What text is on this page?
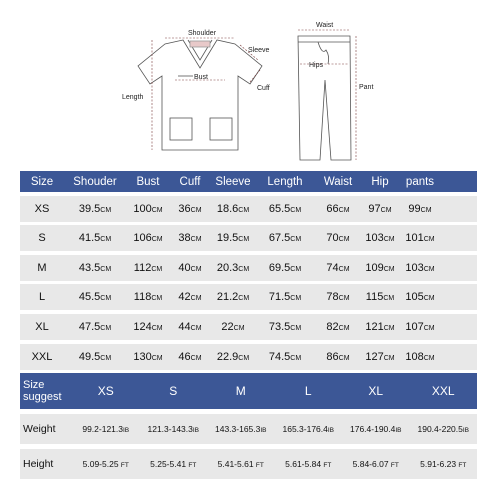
Shoulder
Sleeve
Bust
Cuff
Length
Waist
Hips
Pant
Size	Shouder	Bust	Cuff	Sleeve	Length	Waist	Hip	pants
XS	39.5CM	100CM	36CM	18.6CM	65.5CM	66CM	97CM	99CM
S	41.5CM	106CM	38CM	19.5CM	67.5CM	70CM	103CM 101CM
M	43.5CM	112CM	40CM	20.3CM	69.5CM	74CM	109CM 103CM
L	45.5CM	118CM	42CM	21.2CM	71.5CM	78CM	115CM	105CM
XL	47.5CM	124CM	44CM	22CM	73.5CM	82CM	121CM 107CM
XXL	49.5CM	130CM	46CM	22.9CM	74.5CM	86CM	127CM 108CM
Size
suggest	XS	S	M	L	XL	XXL
Weight	99.2-121.3IB	121.3-143.3IB	143.3-165.3IB	165.3-176.4IB	176.4-190.4IB	190.4-220.5IB
Height	5.09-5.25 FT	5.25-5.41 FT	5.41-5.61 FT	5.61-5.84 FT	5.84-6.07 FT	5.91-6.23 FT
